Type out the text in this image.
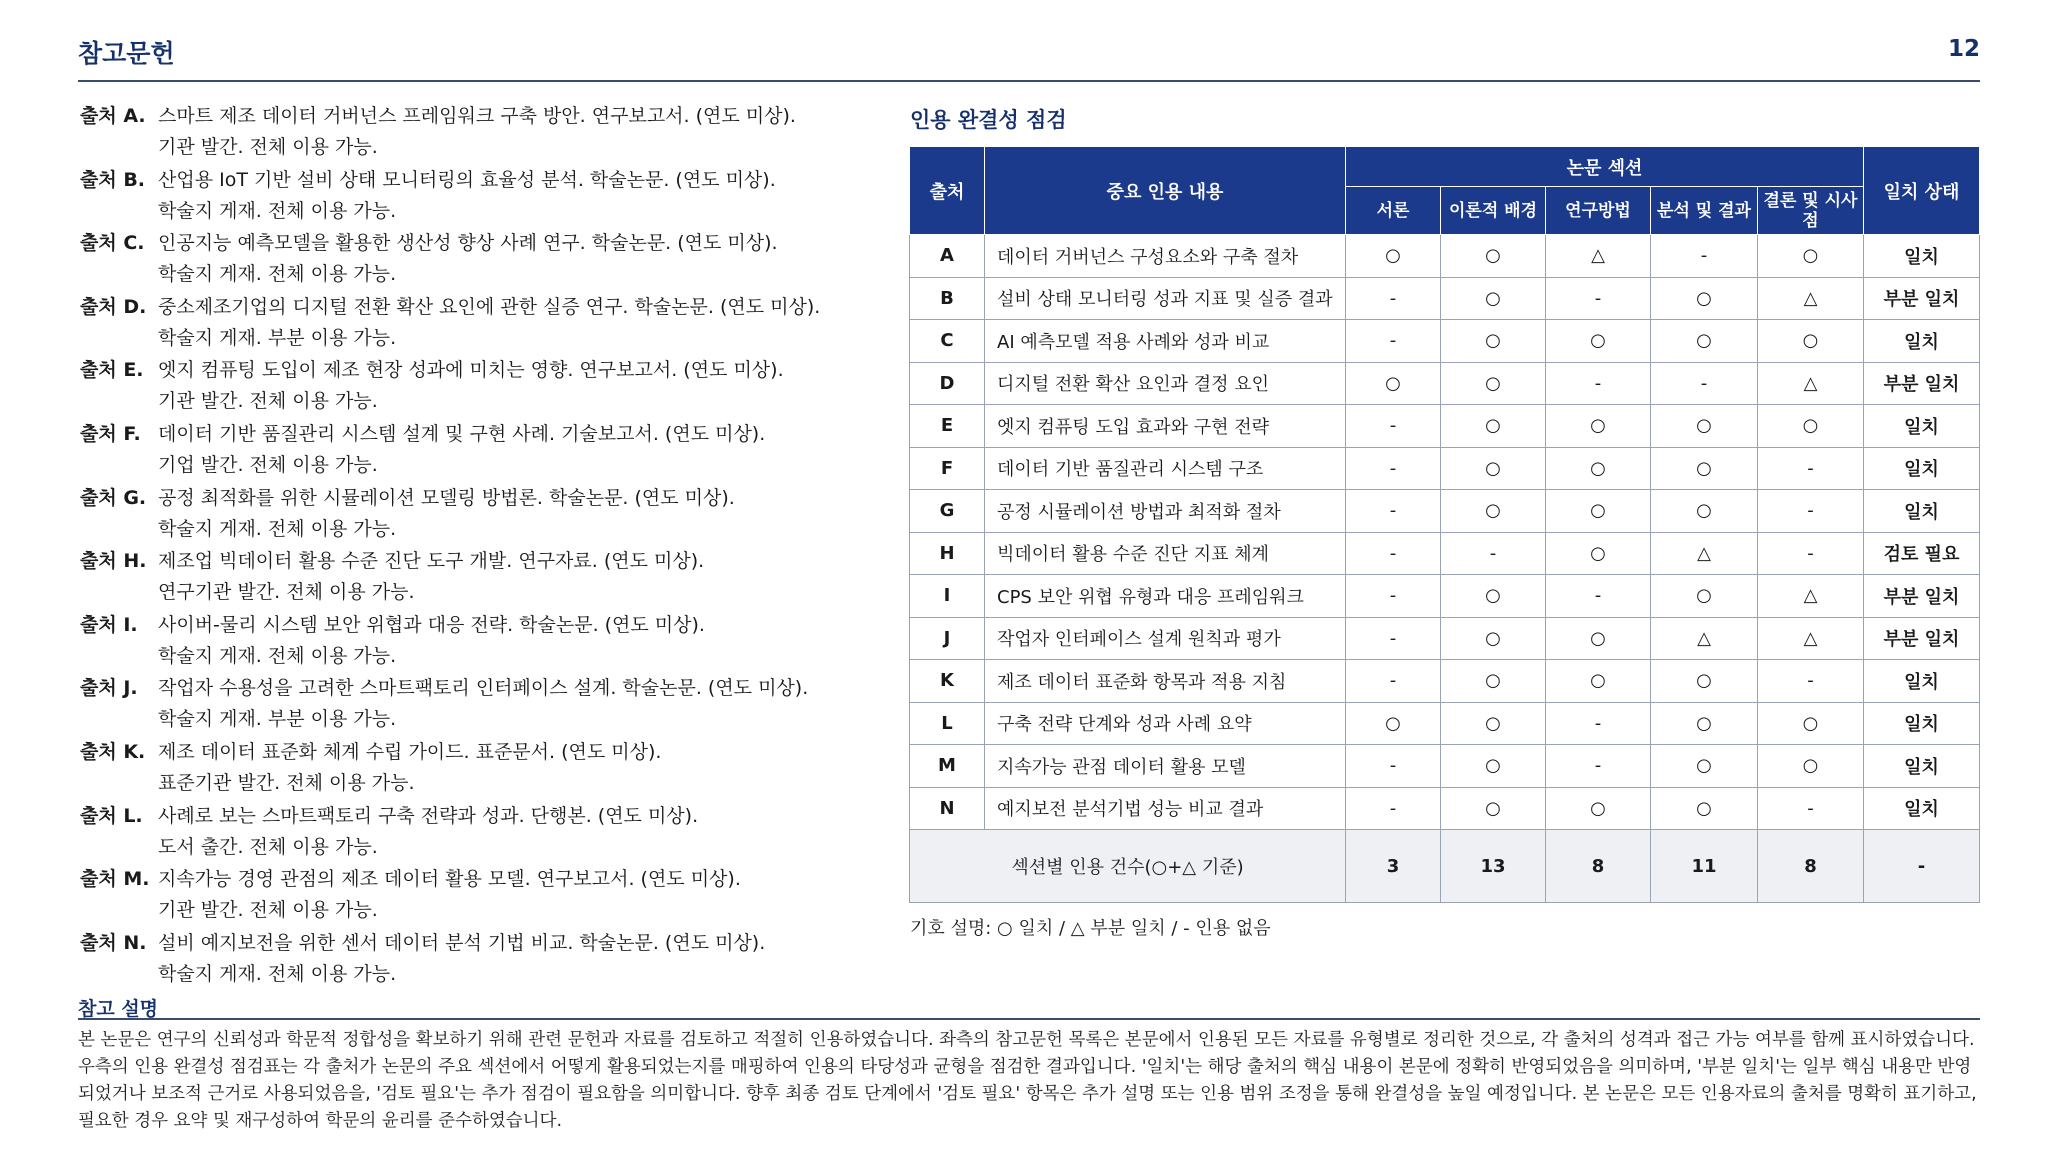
참고문헌	12
출처 A. 스마트 제조 데이터 거버넌스 프레임워크 구축 방안. 연구보고서. (연도 미상).
기관 발간. 전체 이용 가능.
출처 B. 산업용 IoT 기반 설비 상태 모니터링의 효율성 분석. 학술논문. (연도 미상).
학술지 게재. 전체 이용 가능.
출처 C. 인공지능 예측모델을 활용한 생산성 향상 사례 연구. 학술논문. (연도 미상).
학술지 게재. 전체 이용 가능.
출처 D. 중소제조기업의 디지털 전환 확산 요인에 관한 실증 연구. 학술논문. (연도 미상).
학술지 게재. 부분 이용 가능.
출처 E. 엣지 컴퓨팅 도입이 제조 현장 성과에 미치는 영향. 연구보고서. (연도 미상).
기관 발간. 전체 이용 가능.
출처 F. 데이터 기반 품질관리 시스템 설계 및 구현 사례. 기술보고서. (연도 미상).
기업 발간. 전체 이용 가능.
출처 G. 공정 최적화를 위한 시뮬레이션 모델링 방법론. 학술논문. (연도 미상).
학술지 게재. 전체 이용 가능.
출처 H. 제조업 빅데이터 활용 수준 진단 도구 개발. 연구자료. (연도 미상).
연구기관 발간. 전체 이용 가능.
출처 I. 사이버-물리 시스템 보안 위협과 대응 전략. 학술논문. (연도 미상).
학술지 게재. 전체 이용 가능.
출처 J. 작업자 수용성을 고려한 스마트팩토리 인터페이스 설계. 학술논문. (연도 미상).
학술지 게재. 부분 이용 가능.
출처 K. 제조 데이터 표준화 체계 수립 가이드. 표준문서. (연도 미상).
표준기관 발간. 전체 이용 가능.
출처 L. 사례로 보는 스마트팩토리 구축 전략과 성과. 단행본. (연도 미상).
도서 출간. 전체 이용 가능.
출처 M. 지속가능 경영 관점의 제조 데이터 활용 모델. 연구보고서. (연도 미상).
기관 발간. 전체 이용 가능.
출처 N. 설비 예지보전을 위한 센서 데이터 분석 기법 비교. 학술논문. (연도 미상).
학술지 게재. 전체 이용 가능.
인용 완결성 점검
출처	중요 인용 내용	논문 섹션					일치 상태
		서론	이론적 배경	연구방법	분석 및 결과	결론 및 시사점	
A	데이터 거버넌스 구성요소와 구축 절차	○	○	△	-	○	일치
B	설비 상태 모니터링 성과 지표 및 실증 결과	-	○	-	○	△	부분 일치
C	AI 예측모델 적용 사례와 성과 비교	-	○	○	○	○	일치
D	디지털 전환 확산 요인과 결정 요인	○	○	-	-	△	부분 일치
E	엣지 컴퓨팅 도입 효과와 구현 전략	-	○	○	○	○	일치
F	데이터 기반 품질관리 시스템 구조	-	○	○	○	-	일치
G	공정 시뮬레이션 방법과 최적화 절차	-	○	○	○	-	일치
H	빅데이터 활용 수준 진단 지표 체계	-	-	○	△	-	검토 필요
I	CPS 보안 위협 유형과 대응 프레임워크	-	○	-	○	△	부분 일치
J	작업자 인터페이스 설계 원칙과 평가	-	○	○	△	△	부분 일치
K	제조 데이터 표준화 항목과 적용 지침	-	○	○	○	-	일치
L	구축 전략 단계와 성과 사례 요약	○	○	-	○	○	일치
M	지속가능 관점 데이터 활용 모델	-	○	-	○	○	일치
N	예지보전 분석기법 성능 비교 결과	-	○	○	○	-	일치
섹션별 인용 건수(○+△ 기준)		3	13	8	11	8	-
기호 설명: ○ 일치 / △ 부분 일치 / - 인용 없음
참고 설명
본 논문은 연구의 신뢰성과 학문적 정합성을 확보하기 위해 관련 문헌과 자료를 검토하고 적절히 인용하였습니다. 좌측의 참고문헌 목록은 본문에서 인용된 모든 자료를 유형별로 정리한 것으로, 각 출처의 성격과 접근 가능 여부를 함께 표시하였습니다. 우측의 인용 완결성 점검표는 각 출처가 논문의 주요 섹션에서 어떻게 활용되었는지를 매핑하여 인용의 타당성과 균형을 점검한 결과입니다. '일치'는 해당 출처의 핵심 내용이 본문에 정확히 반영되었음을 의미하며, '부분 일치'는 일부 핵심 내용만 반영되었거나 보조적 근거로 사용되었음을, '검토 필요'는 추가 점검이 필요함을 의미합니다. 향후 최종 검토 단계에서 '검토 필요' 항목은 추가 설명 또는 인용 범위 조정을 통해 완결성을 높일 예정입니다. 본 논문은 모든 인용자료의 출처를 명확히 표기하고, 필요한 경우 요약 및 재구성하여 학문의 윤리를 준수하였습니다.
